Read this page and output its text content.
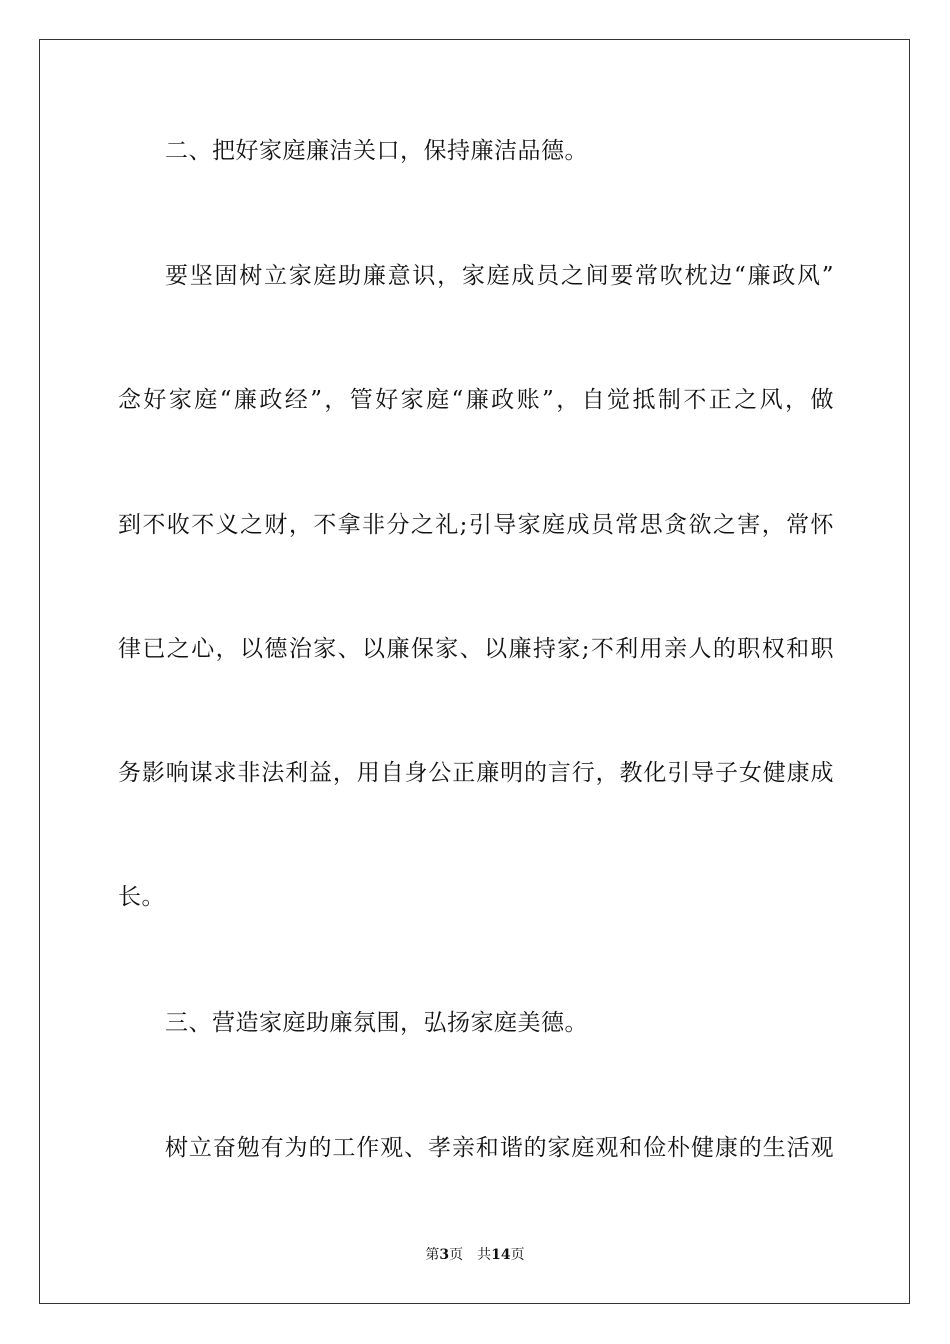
二、把好家庭廉洁关口，保持廉洁品德。
要坚固树立家庭助廉意识，家庭成员之间要常吹枕边“廉政风”
念好家庭“廉政经”，管好家庭“廉政账”，自觉抵制不正之风，做
到不收不义之财，不拿非分之礼;引导家庭成员常思贪欲之害，常怀
律已之心，以德治家、以廉保家、以廉持家;不利用亲人的职权和职
务影响谋求非法利益，用自身公正廉明的言行，教化引导子女健康成
长。
三、营造家庭助廉氛围，弘扬家庭美德。
树立奋勉有为的工作观、孝亲和谐的家庭观和俭朴健康的生活观
第3页 共14页
